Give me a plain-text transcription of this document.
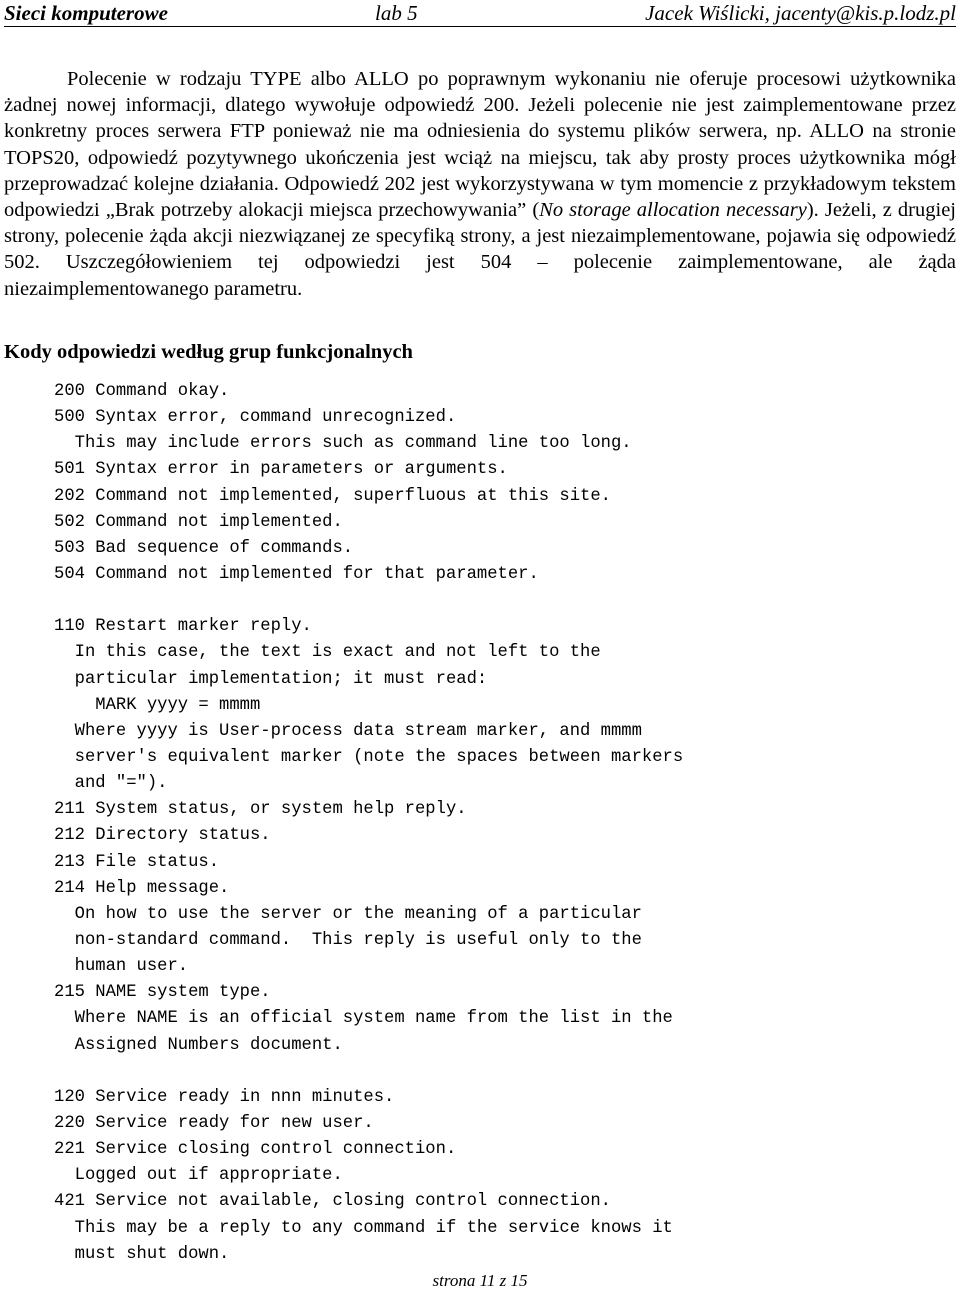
Sieci komputerowe	lab 5	Jacek Wiślicki, jacenty@kis.p.lodz.pl
Polecenie w rodzaju TYPE albo ALLO po poprawnym wykonaniu nie oferuje procesowi użytkownika żadnej nowej informacji, dlatego wywołuje odpowiedź 200. Jeżeli polecenie nie jest zaimplementowane przez konkretny proces serwera FTP ponieważ nie ma odniesienia do systemu plików serwera, np. ALLO na stronie TOPS20, odpowiedź pozytywnego ukończenia jest wciąż na miejscu, tak aby prosty proces użytkownika mógł przeprowadzać kolejne działania. Odpowiedź 202 jest wykorzystywana w tym momencie z przykładowym tekstem odpowiedzi „Brak potrzeby alokacji miejsca przechowywania” (No storage allocation necessary). Jeżeli, z drugiej strony, polecenie żąda akcji niezwiązanej ze specyfiką strony, a jest niezaimplementowane, pojawia się odpowiedź 502. Uszczegółowieniem tej odpowiedzi jest 504 – polecenie zaimplementowane, ale żąda niezaimplementowanego parametru.
Kody odpowiedzi według grup funkcjonalnych
200 Command okay.
500 Syntax error, command unrecognized.
This may include errors such as command line too long.
501 Syntax error in parameters or arguments.
202 Command not implemented, superfluous at this site.
502 Command not implemented.
503 Bad sequence of commands.
504 Command not implemented for that parameter.
110 Restart marker reply.
In this case, the text is exact and not left to the
particular implementation; it must read:
MARK yyyy = mmmm
Where yyyy is User-process data stream marker, and mmmm
server's equivalent marker (note the spaces between markers
and "=").
211 System status, or system help reply.
212 Directory status.
213 File status.
214 Help message.
On how to use the server or the meaning of a particular
non-standard command.  This reply is useful only to the
human user.
215 NAME system type.
Where NAME is an official system name from the list in the
Assigned Numbers document.
120 Service ready in nnn minutes.
220 Service ready for new user.
221 Service closing control connection.
Logged out if appropriate.
421 Service not available, closing control connection.
This may be a reply to any command if the service knows it
must shut down.
strona 11 z 15
